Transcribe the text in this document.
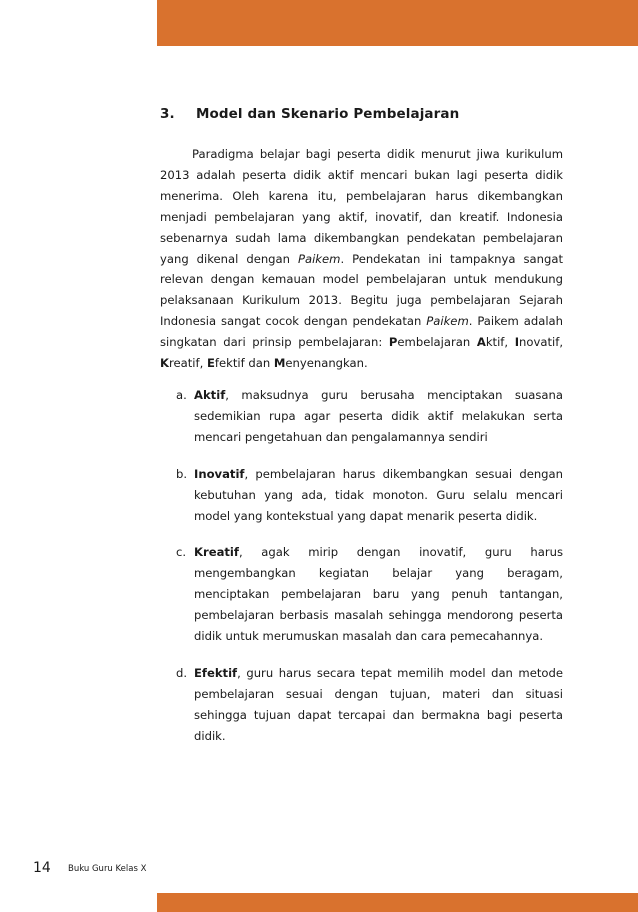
3. Model dan Skenario Pembelajaran

Paradigma belajar bagi peserta didik menurut jiwa kurikulum 2013 adalah peserta didik aktif mencari bukan lagi peserta didik menerima. Oleh karena itu, pembelajaran harus dikembangkan menjadi pembelajaran yang aktif, inovatif, dan kreatif. Indonesia sebenarnya sudah lama dikembangkan pendekatan pembelajaran yang dikenal dengan Paikem. Pendekatan ini tampaknya sangat relevan dengan kemauan model pembelajaran untuk mendukung pelaksanaan Kurikulum 2013. Begitu juga pembelajaran Sejarah Indonesia sangat cocok dengan pendekatan Paikem. Paikem adalah singkatan dari prinsip pembelajaran: Pembelajaran Aktif, Inovatif, Kreatif, Efektif dan Menyenangkan.

a. Aktif, maksudnya guru berusaha menciptakan suasana sedemikian rupa agar peserta didik aktif melakukan serta mencari pengetahuan dan pengalamannya sendiri
b. Inovatif, pembelajaran harus dikembangkan sesuai dengan kebutuhan yang ada, tidak monoton. Guru selalu mencari model yang kontekstual yang dapat menarik peserta didik.
c. Kreatif, agak mirip dengan inovatif, guru harus mengembangkan kegiatan belajar yang beragam, menciptakan pembelajaran baru yang penuh tantangan, pembelajaran berbasis masalah sehingga mendorong peserta didik untuk merumuskan masalah dan cara pemecahannya.
d. Efektif, guru harus secara tepat memilih model dan metode pembelajaran sesuai dengan tujuan, materi dan situasi sehingga tujuan dapat tercapai dan bermakna bagi peserta didik.
14 Buku Guru Kelas X
